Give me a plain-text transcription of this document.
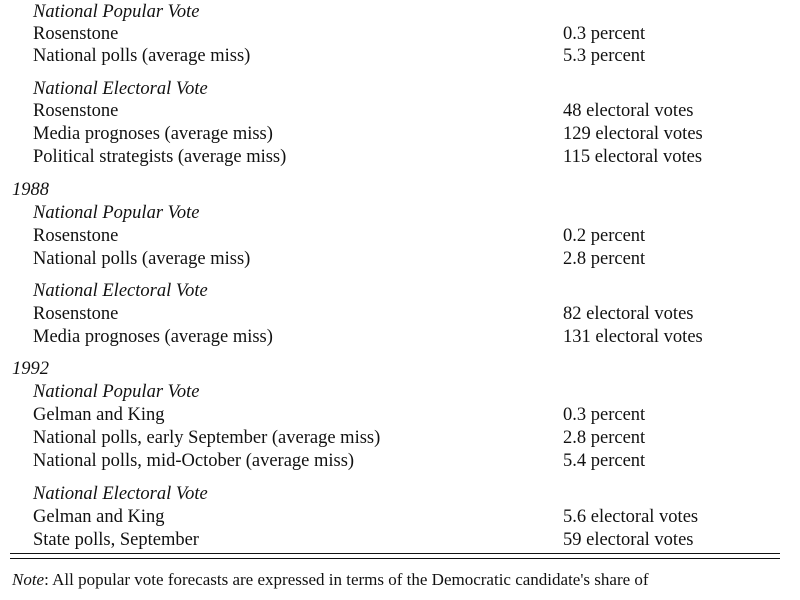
National Popular Vote
Rosenstone	0.3 percent
National polls (average miss)	5.3 percent
National Electoral Vote
Rosenstone	48 electoral votes
Media prognoses (average miss)	129 electoral votes
Political strategists (average miss)	115 electoral votes
1988
National Popular Vote
Rosenstone	0.2 percent
National polls (average miss)	2.8 percent
National Electoral Vote
Rosenstone	82 electoral votes
Media prognoses (average miss)	131 electoral votes
1992
National Popular Vote
Gelman and King	0.3 percent
National polls, early September (average miss)	2.8 percent
National polls, mid-October (average miss)	5.4 percent
National Electoral Vote
Gelman and King	5.6 electoral votes
State polls, September	59 electoral votes
Note: All popular vote forecasts are expressed in terms of the Democratic candidate's share of
